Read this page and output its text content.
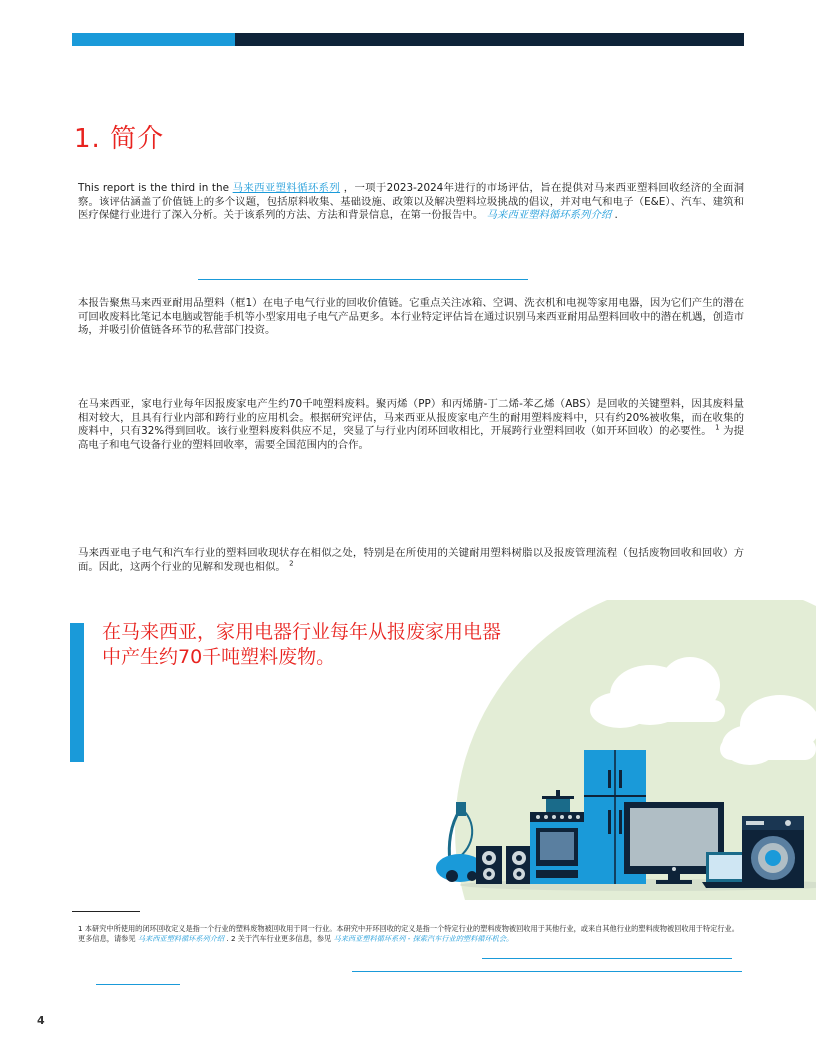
1. 简介
This report is the third in the 马来西亚塑料循环系列 ，一项于2023-2024年进行的市场评估，旨在提供对马来西亚塑料回收经济的全面洞察。该评估涵盖了价值链上的多个议题，包括原料收集、基础设施、政策以及解决塑料垃圾挑战的倡议，并对电气和电子（E&E）、汽车、建筑和医疗保健行业进行了深入分析。关于该系列的方法、方法和背景信息，在第一份报告中。 马来西亚塑料循环系列介绍 .
本报告聚焦马来西亚耐用品塑料（框1）在电子电气行业的回收价值链。它重点关注冰箱、空调、洗衣机和电视等家用电器，因为它们产生的潜在可回收废料比笔记本电脑或智能手机等小型家用电子电气产品更多。本行业特定评估旨在通过识别马来西亚耐用品塑料回收中的潜在机遇，创造市场，并吸引价值链各环节的私营部门投资。
在马来西亚，家电行业每年因报废家电产生约70千吨塑料废料。聚丙烯（PP）和丙烯腈-丁二烯-苯乙烯（ABS）是回收的关键塑料，因其废料量相对较大，且具有行业内部和跨行业的应用机会。根据研究评估，马来西亚从报废家电产生的耐用塑料废料中，只有约20%被收集，而在收集的废料中，只有32%得到回收。该行业塑料废料供应不足，突显了与行业内闭环回收相比，开展跨行业塑料回收（如开环回收）的必要性。 $^1$ 为提高电子和电气设备行业的塑料回收率，需要全国范围内的合作。
马来西亚电子电气和汽车行业的塑料回收现状存在相似之处，特别是在所使用的关键耐用塑料树脂以及报废管理流程（包括废物回收和回收）方面。因此，这两个行业的见解和发现也相似。 $^2$
在马来西亚，家用电器行业每年从报废家用电器中产生约70千吨塑料废物。
1 本研究中所使用的闭环回收定义是指一个行业的塑料废物被回收用于同一行业。本研究中开环回收的定义是指一个特定行业的塑料废物被回收用于其他行业，或来自其他行业的塑料废物被回收用于特定行业。更多信息，请参见 马来西亚塑料循环系列介绍 . 2 关于汽车行业更多信息，参见 马来西亚塑料循环系列 - 探索汽车行业的塑料循环机会。
4
